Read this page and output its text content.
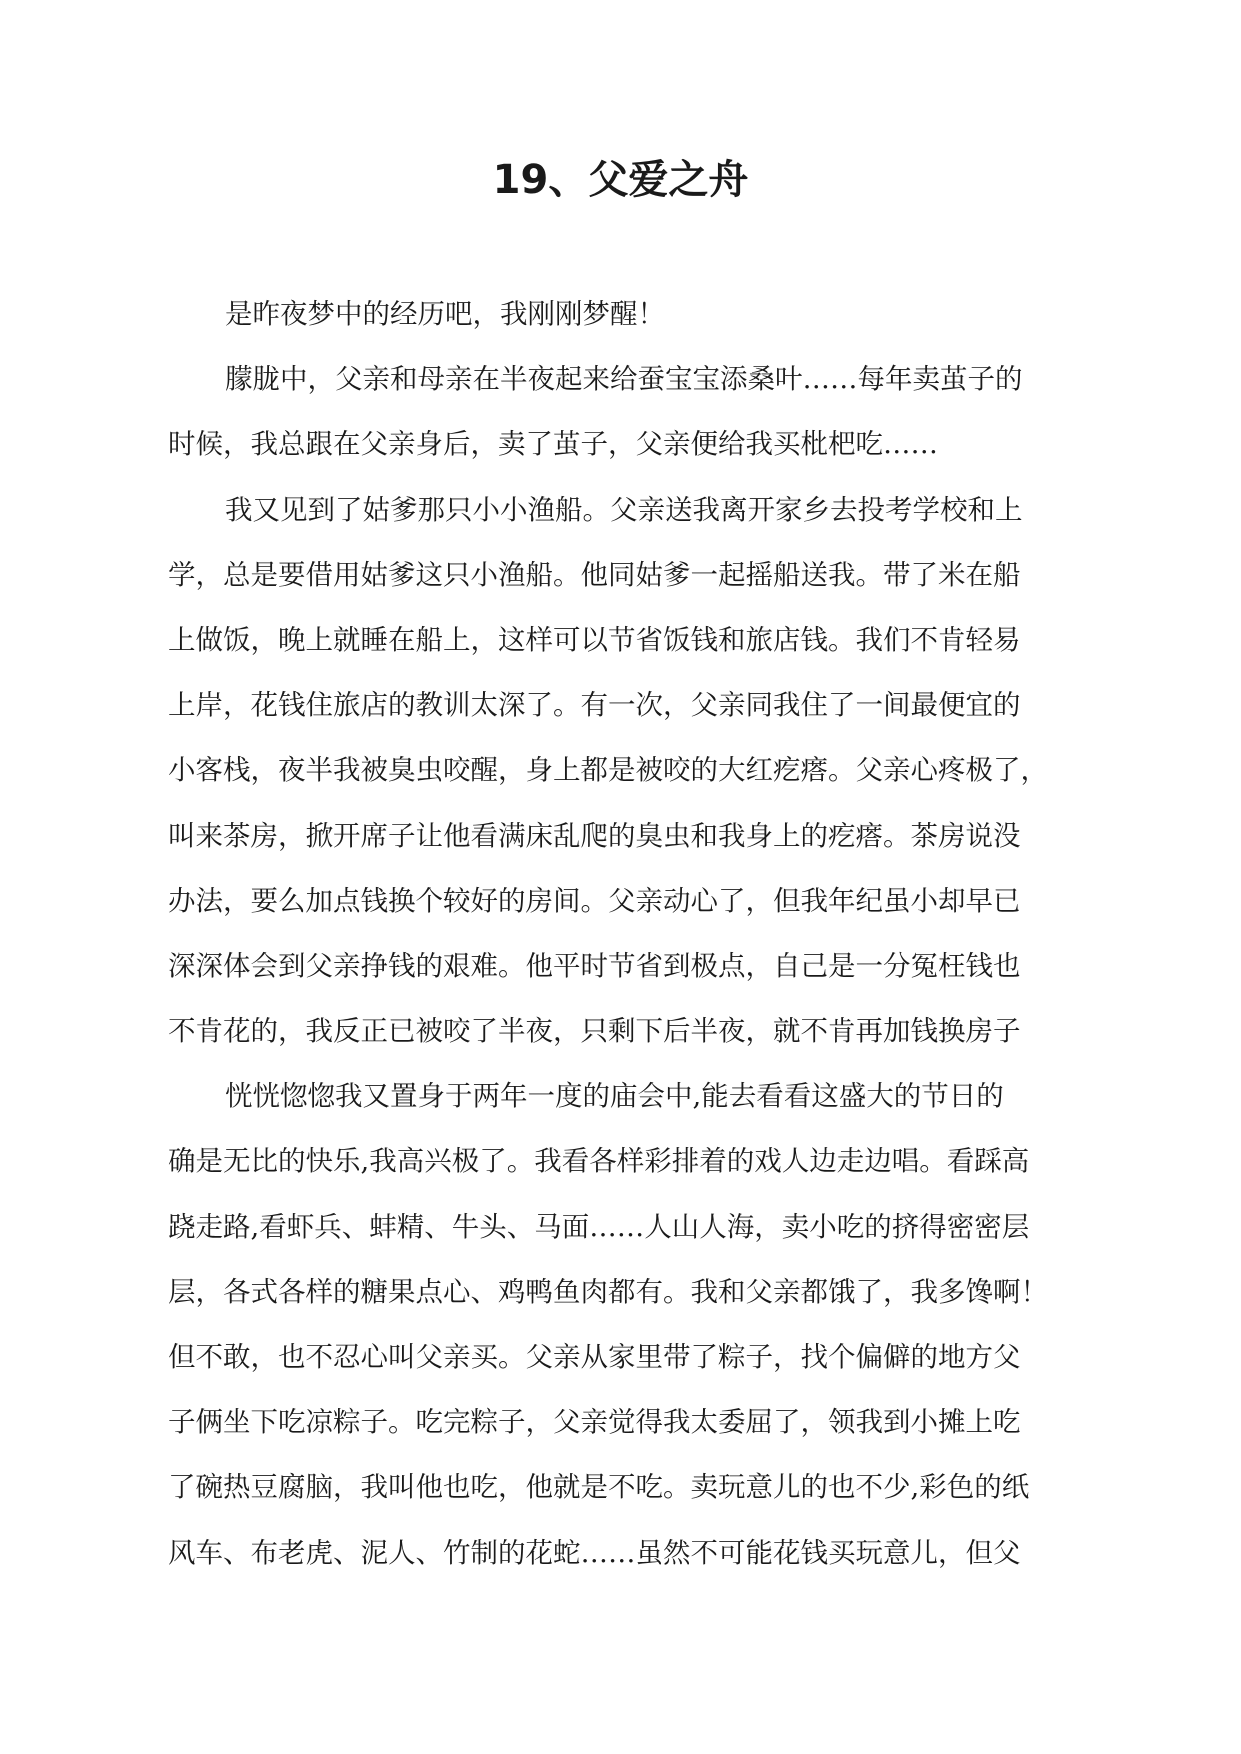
19、父爱之舟
是昨夜梦中的经历吧，我刚刚梦醒！
朦胧中，父亲和母亲在半夜起来给蚕宝宝添桑叶……每年卖茧子的
时候，我总跟在父亲身后，卖了茧子，父亲便给我买枇杷吃……
我又见到了姑爹那只小小渔船。父亲送我离开家乡去投考学校和上
学，总是要借用姑爹这只小渔船。他同姑爹一起摇船送我。带了米在船
上做饭，晚上就睡在船上，这样可以节省饭钱和旅店钱。我们不肯轻易
上岸，花钱住旅店的教训太深了。有一次，父亲同我住了一间最便宜的
小客栈，夜半我被臭虫咬醒，身上都是被咬的大红疙瘩。父亲心疼极了，
叫来茶房，掀开席子让他看满床乱爬的臭虫和我身上的疙瘩。茶房说没
办法，要么加点钱换个较好的房间。父亲动心了，但我年纪虽小却早已
深深体会到父亲挣钱的艰难。他平时节省到极点，自己是一分冤枉钱也
不肯花的，我反正已被咬了半夜，只剩下后半夜，就不肯再加钱换房子
恍恍惚惚我又置身于两年一度的庙会中,能去看看这盛大的节日的
确是无比的快乐,我高兴极了。我看各样彩排着的戏人边走边唱。看踩高
跷走路,看虾兵、蚌精、牛头、马面……人山人海，卖小吃的挤得密密层
层，各式各样的糖果点心、鸡鸭鱼肉都有。我和父亲都饿了，我多馋啊！
但不敢，也不忍心叫父亲买。父亲从家里带了粽子，找个偏僻的地方父
子俩坐下吃凉粽子。吃完粽子，父亲觉得我太委屈了，领我到小摊上吃
了碗热豆腐脑，我叫他也吃，他就是不吃。卖玩意儿的也不少,彩色的纸
风车、布老虎、泥人、竹制的花蛇……虽然不可能花钱买玩意儿，但父
